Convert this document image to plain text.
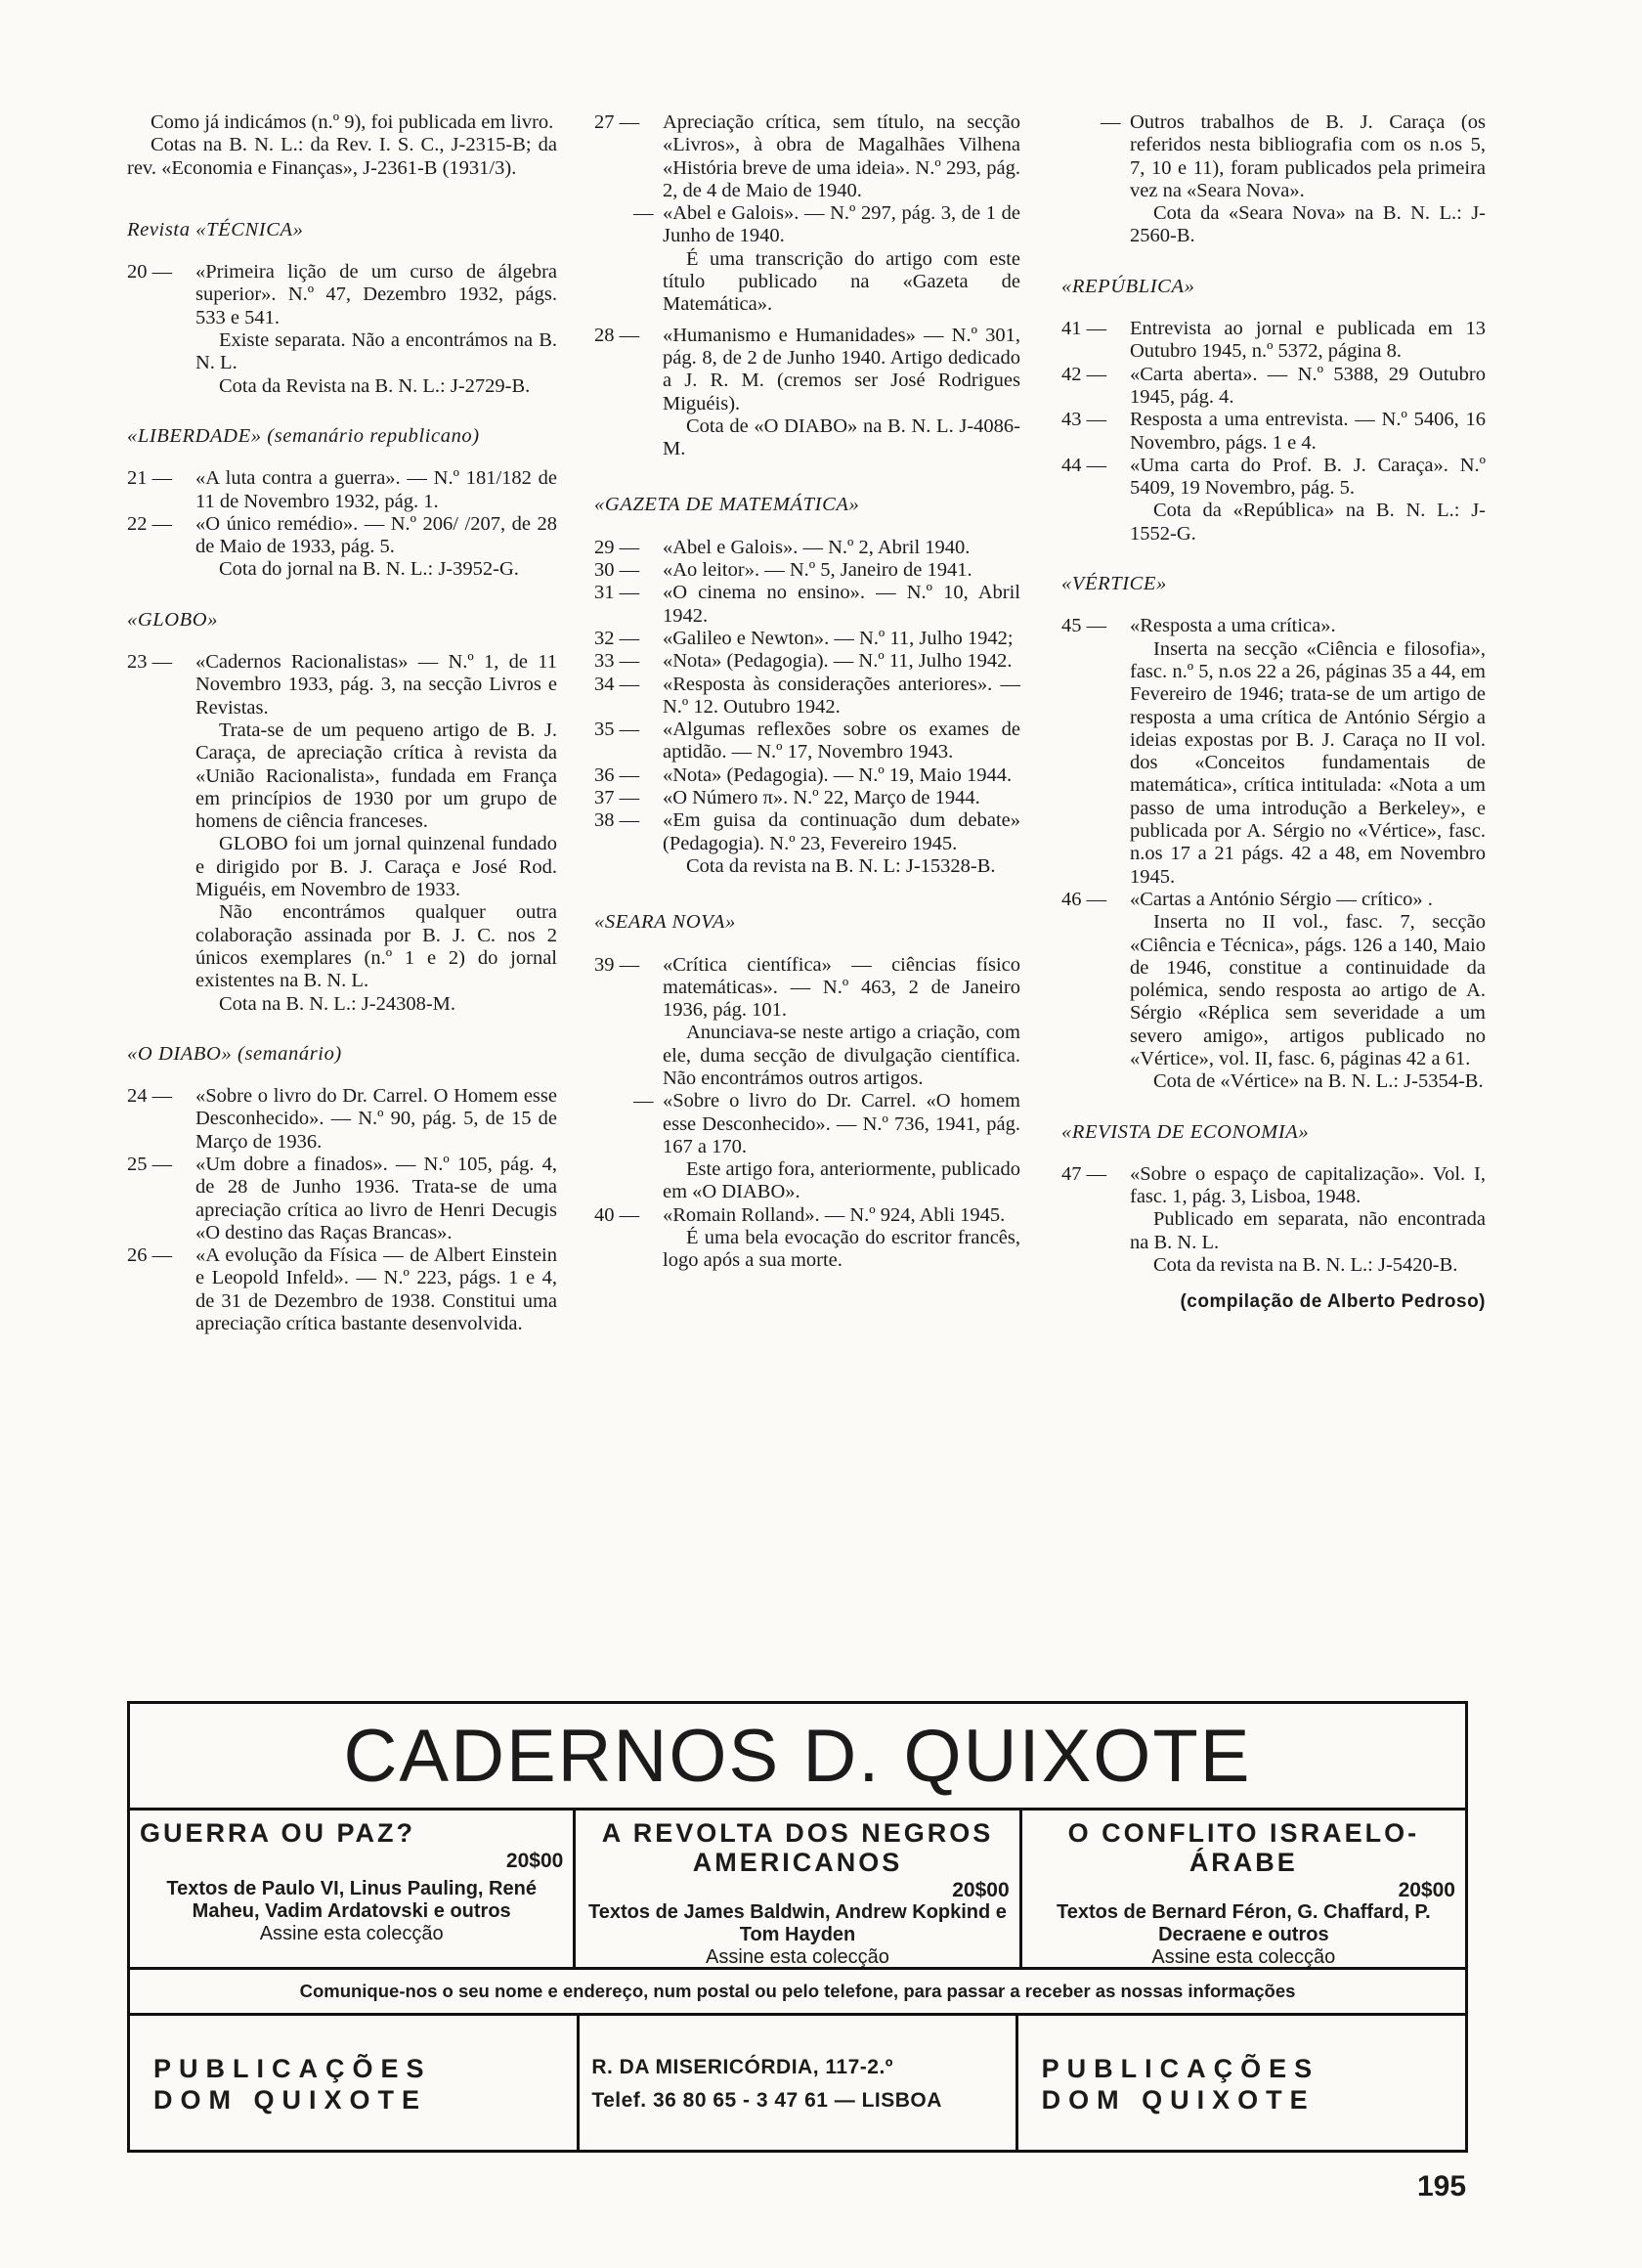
Como já indicámos (n.º 9), foi publicada em livro.

Cotas na B. N. L.: da Rev. I. S. C., J-2315-B; da rev. «Economia e Finanças», J-2361-B (1931/3).

Revista «TÉCNICA»
20 — «Primeira lição de um curso de álgebra superior». N.º 47, Dezembro 1932, págs. 533 e 541.

Existe separata. Não a encontrámos na B. N. L.

Cota da Revista na B. N. L.: J-2729-B.

«LIBERDADE» (semanário republicano)
21 — «A luta contra a guerra». — N.º 181/182 de 11 de Novembro 1932, pág. 1.
22 — «O único remédio». — N.º 206/ /207, de 28 de Maio de 1933, pág. 5.

Cota do jornal na B. N. L.: J-3952-G.

«GLOBO»
23 — «Cadernos Racionalistas» — N.º 1, de 11 Novembro 1933, pág. 3, na secção Livros e Revistas.

Trata-se de um pequeno artigo de B. J. Caraça, de apreciação crítica à revista da «União Racionalista», fundada em França em princípios de 1930 por um grupo de homens de ciência franceses.

GLOBO foi um jornal quinzenal fundado e dirigido por B. J. Caraça e José Rod. Miguéis, em Novembro de 1933.

Não encontrámos qualquer outra colaboração assinada por B. J. C. nos 2 únicos exemplares (n.º 1 e 2) do jornal existentes na B. N. L.

Cota na B. N. L.: J-24308-M.

«O DIABO» (semanário)
24 — «Sobre o livro do Dr. Carrel. O Homem esse Desconhecido». — N.º 90, pág. 5, de 15 de Março de 1936.
25 — «Um dobre a finados». — N.º 105, pág. 4, de 28 de Junho 1936. Trata-se de uma apreciação crítica ao livro de Henri Decugis «O destino das Raças Brancas».
26 — «A evolução da Física — de Albert Einstein e Leopold Infeld». — N.º 223, págs. 1 e 4, de 31 de Dezembro de 1938. Constitui uma apreciação crítica bastante desenvolvida.
27 — Apreciação crítica, sem título, na secção «Livros», à obra de Magalhães Vilhena «História breve de uma ideia». N.º 293, pág. 2, de 4 de Maio de 1940.
— «Abel e Galois». — N.º 297, pág. 3, de 1 de Junho de 1940.

É uma transcrição do artigo com este título publicado na «Gazeta de Matemática».

28 — «Humanismo e Humanidades» — N.º 301, pág. 8, de 2 de Junho 1940. Artigo dedicado a J. R. M. (cremos ser José Rodrigues Miguéis).

Cota de «O DIABO» na B. N. L. J-4086-M.

«GAZETA DE MATEMÁTICA»
29 — «Abel e Galois». — N.º 2, Abril 1940.
30 — «Ao leitor». — N.º 5, Janeiro de 1941.
31 — «O cinema no ensino». — N.º 10, Abril 1942.
32 — «Galileo e Newton». — N.º 11, Julho 1942;
33 — «Nota» (Pedagogia). — N.º 11, Julho 1942.
34 — «Resposta às considerações anteriores». — N.º 12. Outubro 1942.
35 — «Algumas reflexões sobre os exames de aptidão. — N.º 17, Novembro 1943.
36 — «Nota» (Pedagogia). — N.º 19, Maio 1944.
37 — «O Número π». N.º 22, Março de 1944.
38 — «Em guisa da continuação dum debate» (Pedagogia). N.º 23, Fevereiro 1945.

Cota da revista na B. N. L: J-15328-B.

«SEARA NOVA»
39 — «Crítica científica» — ciências físico matemáticas». — N.º 463, 2 de Janeiro 1936, pág. 101.

Anunciava-se neste artigo a criação, com ele, duma secção de divulgação científica. Não encontrámos outros artigos.

— «Sobre o livro do Dr. Carrel. «O homem esse Desconhecido». — N.º 736, 1941, pág. 167 a 170.

Este artigo fora, anteriormente, publicado em «O DIABO».

40 — «Romain Rolland». — N.º 924, Abli 1945.

É uma bela evocação do escritor francês, logo após a sua morte.

— Outros trabalhos de B. J. Caraça (os referidos nesta bibliografia com os n.os 5, 7, 10 e 11), foram publicados pela primeira vez na «Seara Nova».

Cota da «Seara Nova» na B. N. L.: J-2560-B.

«REPÚBLICA»
41 — Entrevista ao jornal e publicada em 13 Outubro 1945, n.º 5372, página 8.
42 — «Carta aberta». — N.º 5388, 29 Outubro 1945, pág. 4.
43 — Resposta a uma entrevista. — N.º 5406, 16 Novembro, págs. 1 e 4.
44 — «Uma carta do Prof. B. J. Caraça». N.º 5409, 19 Novembro, pág. 5.

Cota da «República» na B. N. L.: J-1552-G.

«VÉRTICE»
45 — «Resposta a uma crítica».

Inserta na secção «Ciência e filosofia», fasc. n.º 5, n.os 22 a 26, páginas 35 a 44, em Fevereiro de 1946; trata-se de um artigo de resposta a uma crítica de António Sérgio a ideias expostas por B. J. Caraça no II vol. dos «Conceitos fundamentais de matemática», crítica intitulada: «Nota a um passo de uma introdução a Berkeley», e publicada por A. Sérgio no «Vértice», fasc. n.os 17 a 21 págs. 42 a 48, em Novembro 1945.

46 — «Cartas a António Sérgio — crítico» .

Inserta no II vol., fasc. 7, secção «Ciência e Técnica», págs. 126 a 140, Maio de 1946, constitue a continuidade da polémica, sendo resposta ao artigo de A. Sérgio «Réplica sem severidade a um severo amigo», artigos publicado no «Vértice», vol. II, fasc. 6, páginas 42 a 61.

Cota de «Vértice» na B. N. L.: J-5354-B.

«REVISTA DE ECONOMIA»
47 — «Sobre o espaço de capitalização». Vol. I, fasc. 1, pág. 3, Lisboa, 1948.

Publicado em separata, não encontrada na B. N. L.

Cota da revista na B. N. L.: J-5420-B.

(compilação de Alberto Pedroso)
CADERNOS D. QUIXOTE
GUERRA OU PAZ?
20$00
Textos de Paulo VI, Linus Pauling, René Maheu, Vadim Ardatovski e outros
Assine esta colecção
A REVOLTA DOS NEGROS AMERICANOS
20$00
Textos de James Baldwin, Andrew Kopkind e Tom Hayden
Assine esta colecção
O CONFLITO ISRAELO-ÁRABE
20$00
Textos de Bernard Féron, G. Chaffard, P. Decraene e outros
Assine esta colecção
Comunique-nos o seu nome e endereço, num postal ou pelo telefone, para passar a receber as nossas informações
PUBLICAÇÕES
DOM QUIXOTE
R. DA MISERICÓRDIA, 117-2.º
Telef. 36 80 65 - 3 47 61 — LISBOA
PUBLICAÇÕES
DOM QUIXOTE
195
